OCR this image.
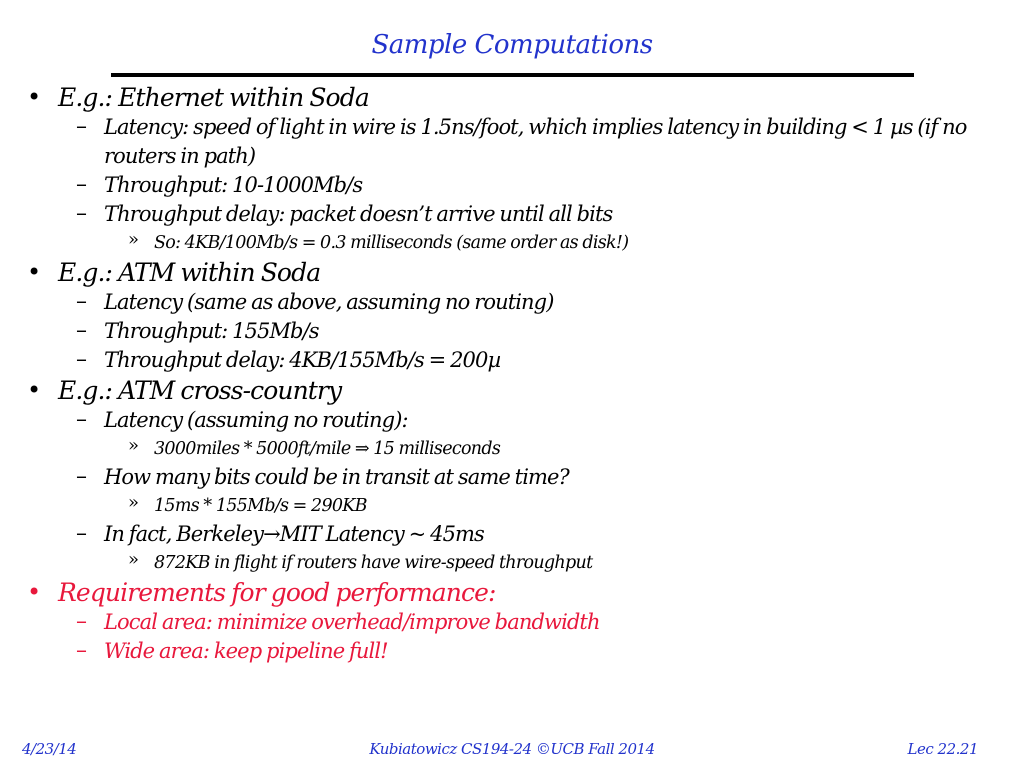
Sample Computations
• E.g.: Ethernet within Soda
– Latency: speed of light in wire is 1.5ns/foot, which implies latency in building < 1 µs (if no routers in path)
– Throughput: 10-1000Mb/s
– Throughput delay: packet doesn’t arrive until all bits
» So: 4KB/100Mb/s = 0.3 milliseconds (same order as disk!)
• E.g.: ATM within Soda
– Latency (same as above, assuming no routing)
– Throughput: 155Mb/s
– Throughput delay: 4KB/155Mb/s = 200µ
• E.g.: ATM cross-country
– Latency (assuming no routing):
» 3000miles * 5000ft/mile ⇒ 15 milliseconds
– How many bits could be in transit at same time?
» 15ms * 155Mb/s = 290KB
– In fact, Berkeley→MIT Latency ~ 45ms
» 872KB in flight if routers have wire-speed throughput
• Requirements for good performance:
– Local area: minimize overhead/improve bandwidth
– Wide area: keep pipeline full!
Kubiatowicz CS194-24 ©UCB Fall 2014
4/23/14	Lec 22.21
